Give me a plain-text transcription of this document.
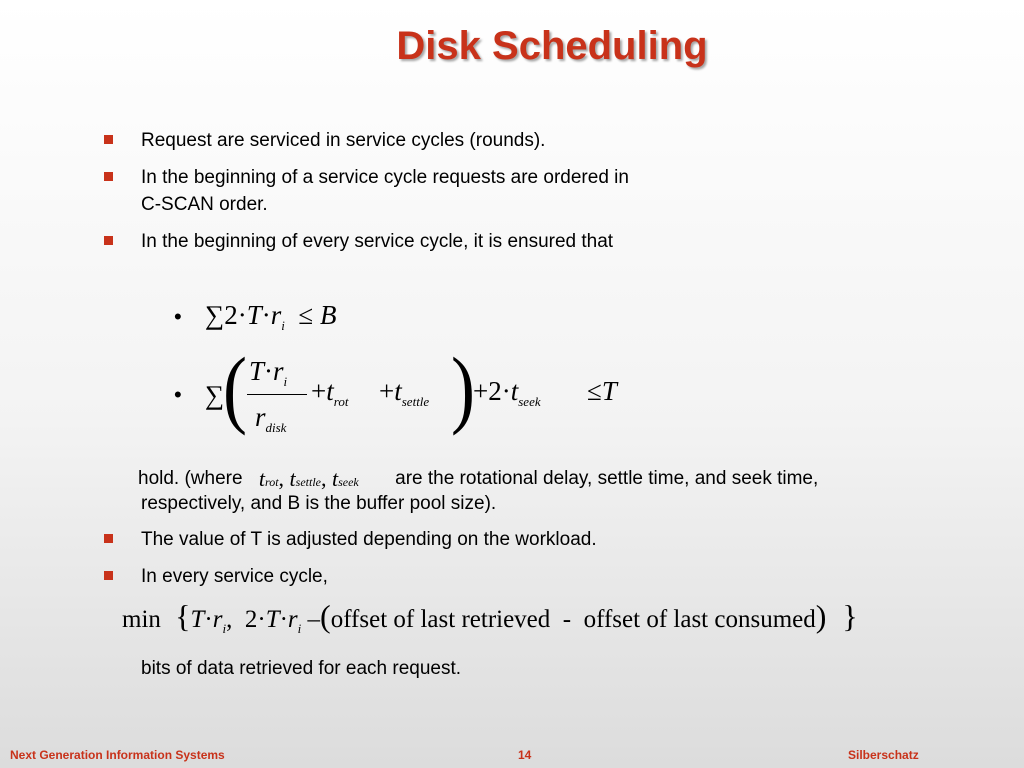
Disk Scheduling
Request are serviced in service cycles (rounds).
In the beginning of a service cycle requests are ordered in
C-SCAN order.
In the beginning of every service cycle, it is ensured that
• $\sum 2\cdot T\cdot r_i \le B$
• ∑
( $T\cdot r_i$
$r_{disk}$
$+t_{rot} +t_{settle}$ )
$+2\cdot t_{seek} \le T$
hold. (where   trot, tsettle, tseek are the rotational delay, settle time, and seek time,
respectively, and B is the buffer pool size).
The value of T is adjusted depending on the workload.
In every service cycle,
$\min \{T\cdot r_i$,  $2\cdot T\cdot r_i$ –(offset of last retrieved  -  offset of last consumed)  }
bits of data retrieved for each request.
Next Generation Information Systems	14	Silberschatz
